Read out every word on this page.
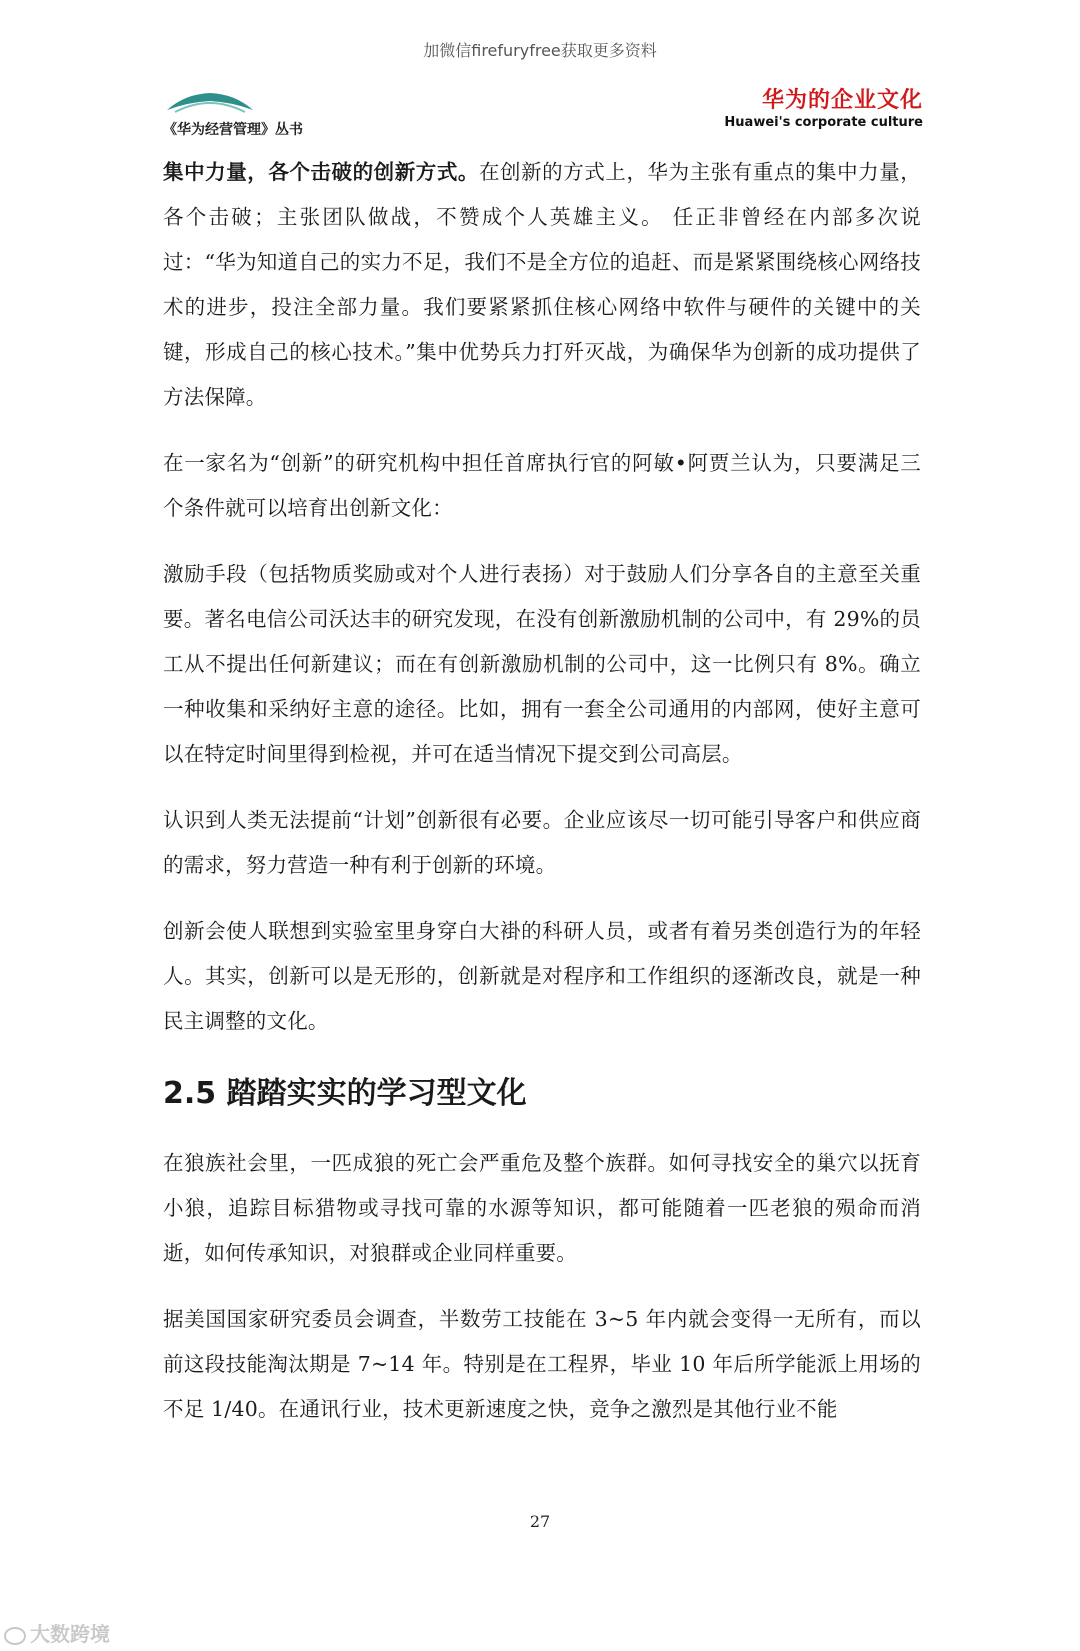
加微信firefuryfree获取更多资料
《华为经营管理》丛书
华为的企业文化
Huawei's corporate culture

集中力量，各个击破的创新方式。在创新的方式上，华为主张有重点的集中力量，各个击破；主张团队做战，不赞成个人英雄主义。 任正非曾经在内部多次说过：“华为知道自己的实力不足，我们不是全方位的追赶、而是紧紧围绕核心网络技术的进步，投注全部力量。我们要紧紧抓住核心网络中软件与硬件的关键中的关键，形成自己的核心技术。”集中优势兵力打歼灭战，为确保华为创新的成功提供了方法保障。

在一家名为“创新”的研究机构中担任首席执行官的阿敏•阿贾兰认为，只要满足三个条件就可以培育出创新文化：

激励手段（包括物质奖励或对个人进行表扬）对于鼓励人们分享各自的主意至关重要。著名电信公司沃达丰的研究发现，在没有创新激励机制的公司中，有 29%的员工从不提出任何新建议；而在有创新激励机制的公司中，这一比例只有 8%。确立一种收集和采纳好主意的途径。比如，拥有一套全公司通用的内部网，使好主意可以在特定时间里得到检视，并可在适当情况下提交到公司高层。

认识到人类无法提前“计划”创新很有必要。企业应该尽一切可能引导客户和供应商的需求，努力营造一种有利于创新的环境。

创新会使人联想到实验室里身穿白大褂的科研人员，或者有着另类创造行为的年轻人。其实，创新可以是无形的，创新就是对程序和工作组织的逐渐改良，就是一种民主调整的文化。

2.5 踏踏实实的学习型文化

在狼族社会里，一匹成狼的死亡会严重危及整个族群。如何寻找安全的巢穴以抚育小狼，追踪目标猎物或寻找可靠的水源等知识，都可能随着一匹老狼的殒命而消逝，如何传承知识，对狼群或企业同样重要。

据美国国家研究委员会调查，半数劳工技能在 3~5 年内就会变得一无所有，而以前这段技能淘汰期是 7~14 年。特别是在工程界，毕业 10 年后所学能派上用场的不足 1/40。在通讯行业，技术更新速度之快，竞争之激烈是其他行业不能

27
大数跨境
